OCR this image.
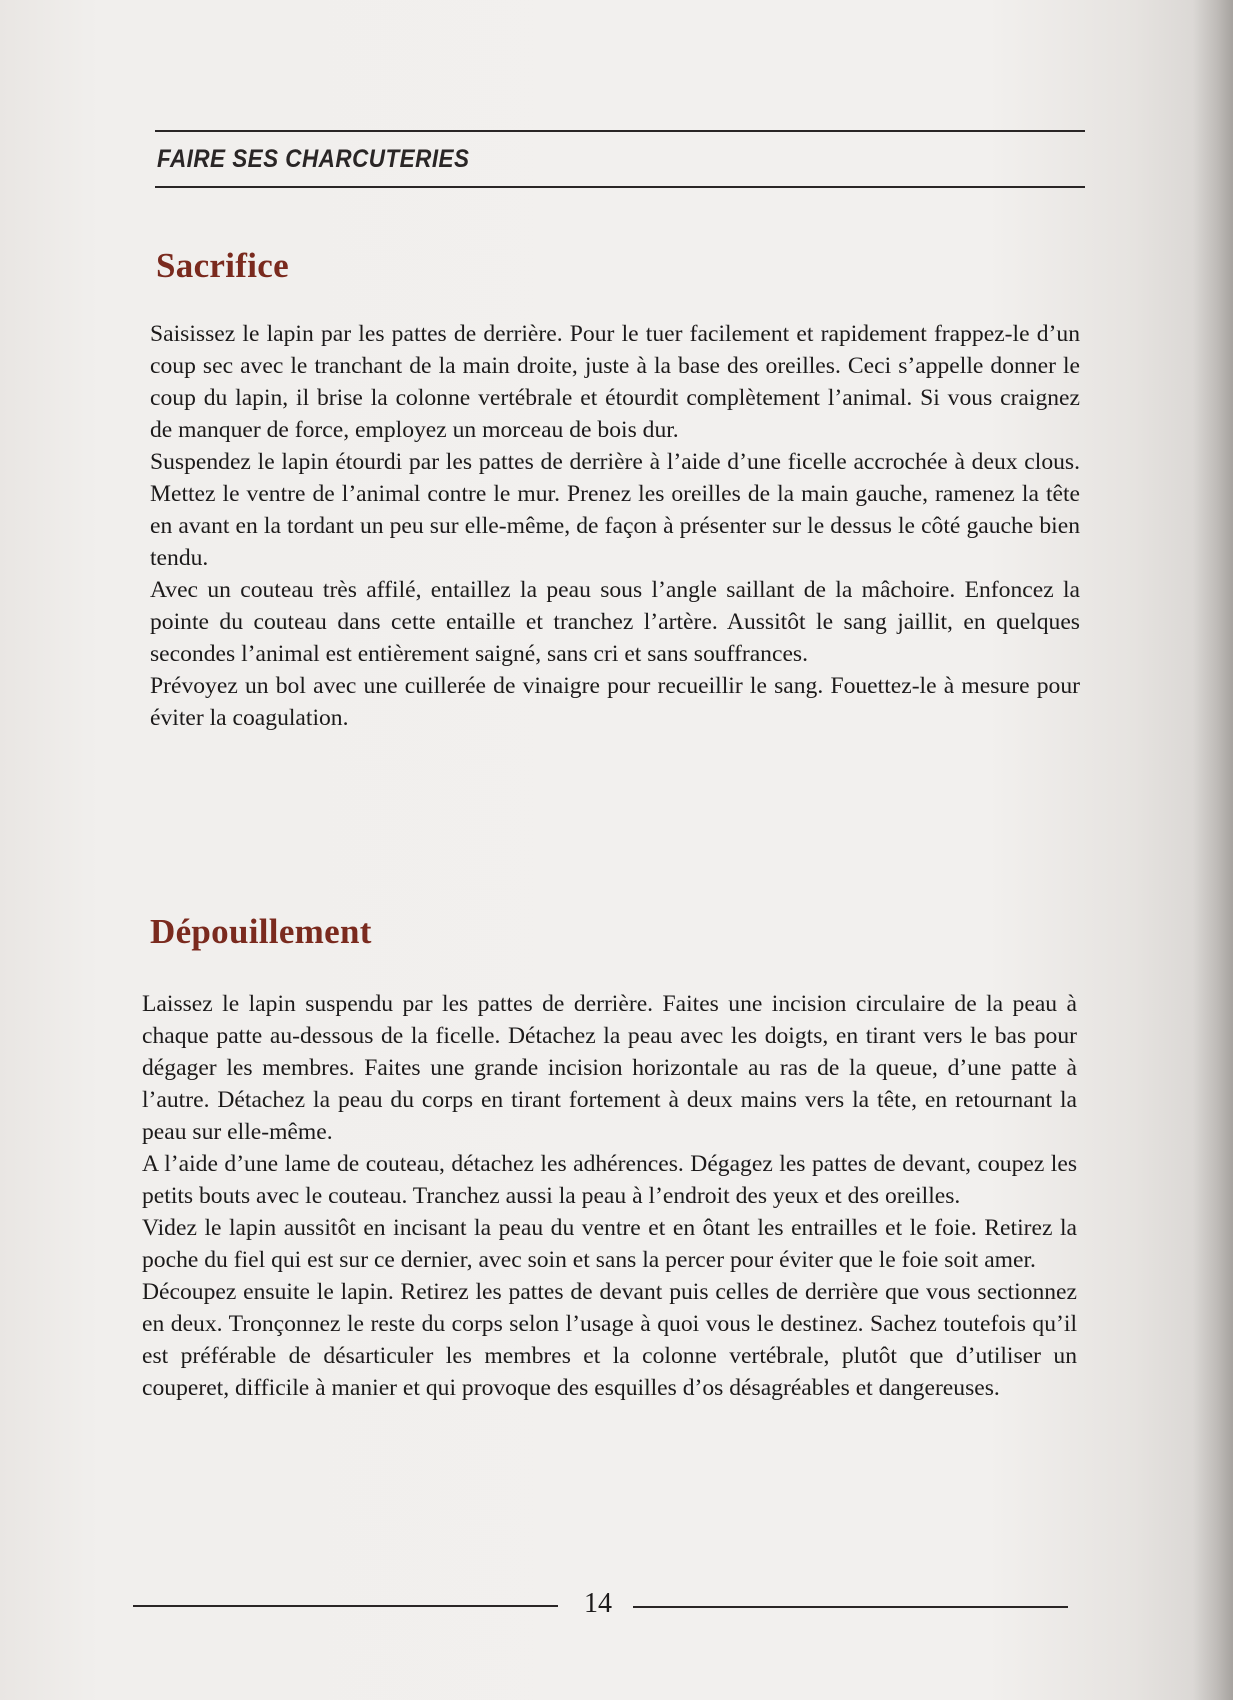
FAIRE SES CHARCUTERIES
Sacrifice

Saisissez le lapin par les pattes de derrière. Pour le tuer facilement et rapidement frappez-le d’un coup sec avec le tranchant de la main droite, juste à la base des oreilles. Ceci s’appelle donner le coup du lapin, il brise la colonne vertébrale et étourdit complètement l’animal. Si vous craignez de manquer de force, employez un morceau de bois dur.

Suspendez le lapin étourdi par les pattes de derrière à l’aide d’une ficelle accrochée à deux clous. Mettez le ventre de l’animal contre le mur. Prenez les oreilles de la main gauche, ramenez la tête en avant en la tordant un peu sur elle-même, de façon à présenter sur le dessus le côté gauche bien tendu.

Avec un couteau très affilé, entaillez la peau sous l’angle saillant de la mâchoire. Enfoncez la pointe du couteau dans cette entaille et tranchez l’artère. Aussitôt le sang jaillit, en quelques secondes l’animal est entièrement saigné, sans cri et sans souffrances.

Prévoyez un bol avec une cuillerée de vinaigre pour recueillir le sang. Fouettez-le à mesure pour éviter la coagulation.

Dépouillement

Laissez le lapin suspendu par les pattes de derrière. Faites une incision circulaire de la peau à chaque patte au-dessous de la ficelle. Détachez la peau avec les doigts, en tirant vers le bas pour dégager les membres. Faites une grande incision horizontale au ras de la queue, d’une patte à l’autre. Détachez la peau du corps en tirant fortement à deux mains vers la tête, en retournant la peau sur elle-même.

A l’aide d’une lame de couteau, détachez les adhérences. Dégagez les pattes de devant, coupez les petits bouts avec le couteau. Tranchez aussi la peau à l’endroit des yeux et des oreilles.

Videz le lapin aussitôt en incisant la peau du ventre et en ôtant les entrailles et le foie. Retirez la poche du fiel qui est sur ce dernier, avec soin et sans la percer pour éviter que le foie soit amer.

Découpez ensuite le lapin. Retirez les pattes de devant puis celles de derrière que vous sectionnez en deux. Tronçonnez le reste du corps selon l’usage à quoi vous le destinez. Sachez toutefois qu’il est préférable de désarticuler les membres et la colonne vertébrale, plutôt que d’utiliser un couperet, difficile à manier et qui provoque des esquilles d’os désagréables et dangereuses.

14
